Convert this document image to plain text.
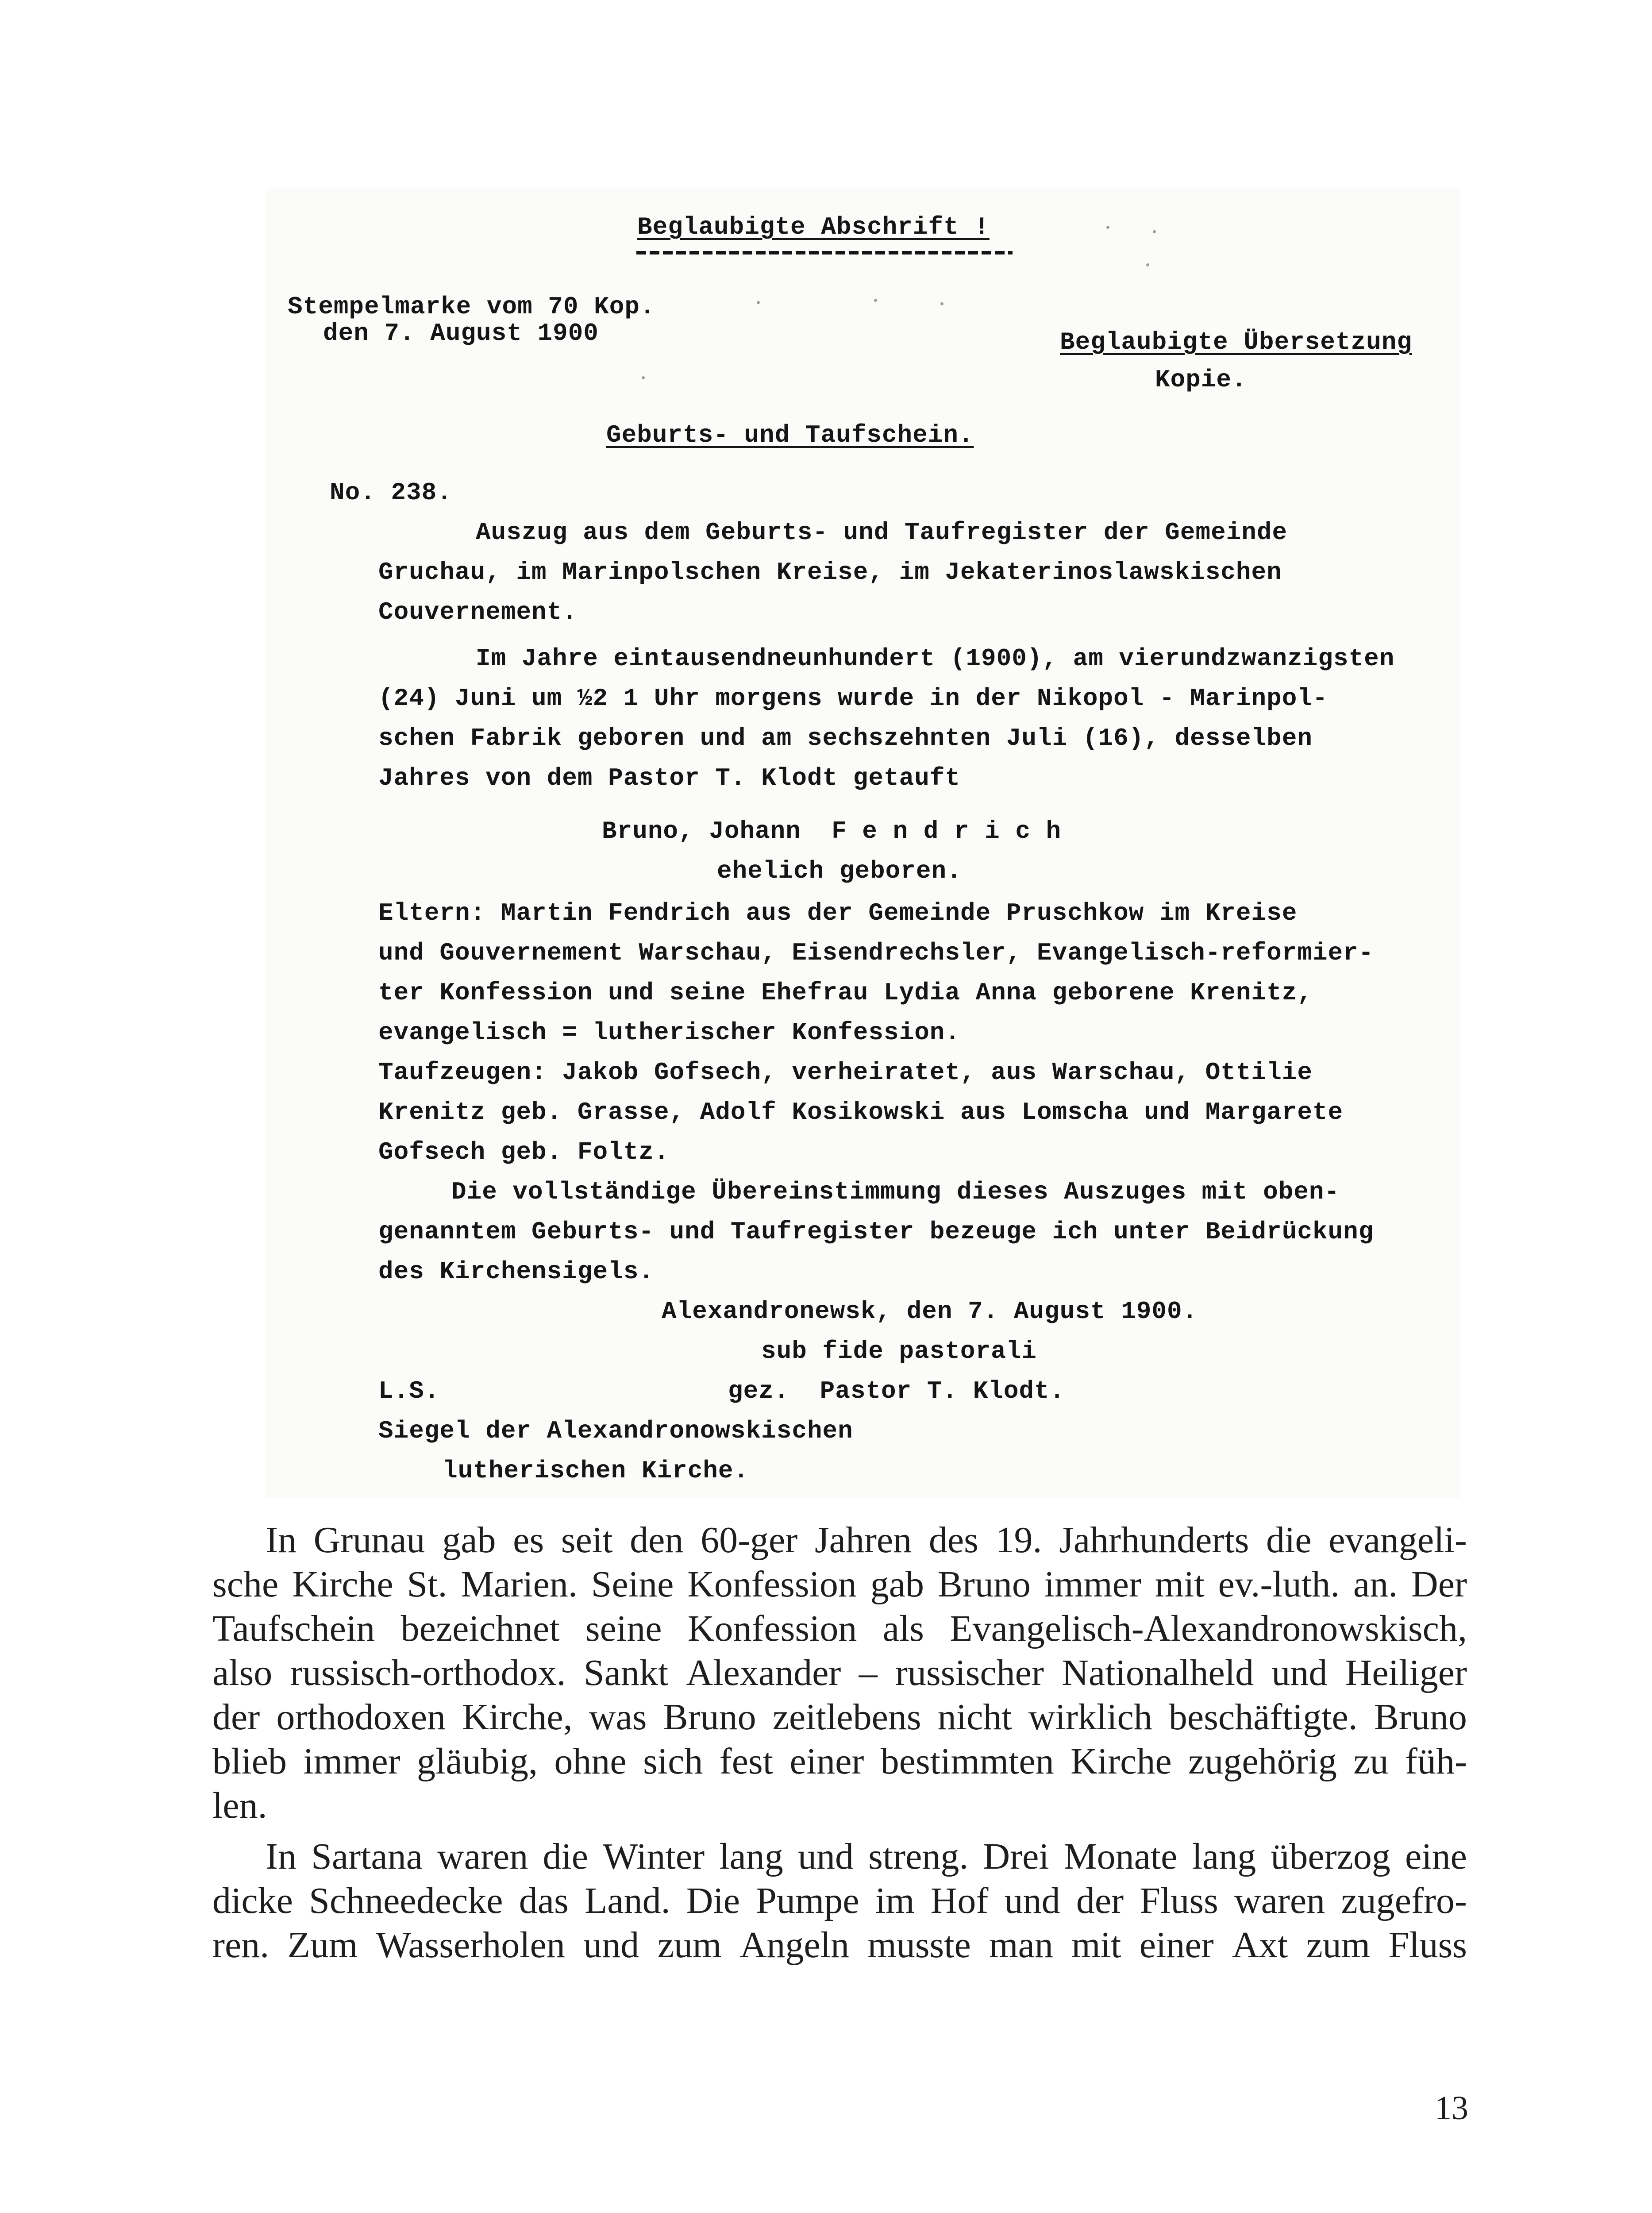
Beglaubigte Abschrift !
Stempelmarke vom 70 Kop.
den 7. August 1900	Beglaubigte Übersetzung
Kopie.
Geburts- und Taufschein.
No. 238.
Auszug aus dem Geburts- und Taufregister der Gemeinde
Gruchau, im Marinpolschen Kreise, im Jekaterinoslawskischen
Couvernement.
Im Jahre eintausendneunhundert (1900), am vierundzwanzigsten
(24) Juni um ½2 1 Uhr morgens wurde in der Nikopol - Marinpol-
schen Fabrik geboren und am sechszehnten Juli (16), desselben
Jahres von dem Pastor T. Klodt getauft
Bruno, Johann  F e n d r i c h
ehelich geboren.
Eltern: Martin Fendrich aus der Gemeinde Pruschkow im Kreise
und Gouvernement Warschau, Eisendrechsler, Evangelisch-reformier-
ter Konfession und seine Ehefrau Lydia Anna geborene Krenitz,
evangelisch = lutherischer Konfession.
Taufzeugen: Jakob Gofsech, verheiratet, aus Warschau, Ottilie
Krenitz geb. Grasse, Adolf Kosikowski aus Lomscha und Margarete
Gofsech geb. Foltz.
Die vollständige Übereinstimmung dieses Auszuges mit oben-
genanntem Geburts- und Taufregister bezeuge ich unter Beidrückung
des Kirchensigels.
Alexandronewsk, den 7. August 1900.
sub fide pastorali
L.S.	gez.  Pastor T. Klodt.
Siegel der Alexandronowskischen
lutherischen Kirche.
In Grunau gab es seit den 60-ger Jahren des 19. Jahrhunderts die evangeli-
sche Kirche St. Marien. Seine Konfession gab Bruno immer mit ev.-luth. an. Der
Taufschein bezeichnet seine Konfession als Evangelisch-Alexandronowskisch,
also russisch-orthodox. Sankt Alexander – russischer Nationalheld und Heiliger
der orthodoxen Kirche, was Bruno zeitlebens nicht wirklich beschäftigte. Bruno
blieb immer gläubig, ohne sich fest einer bestimmten Kirche zugehörig zu füh-
len.
In Sartana waren die Winter lang und streng. Drei Monate lang überzog eine
dicke Schneedecke das Land. Die Pumpe im Hof und der Fluss waren zugefro-
ren. Zum Wasserholen und zum Angeln musste man mit einer Axt zum Fluss
13
